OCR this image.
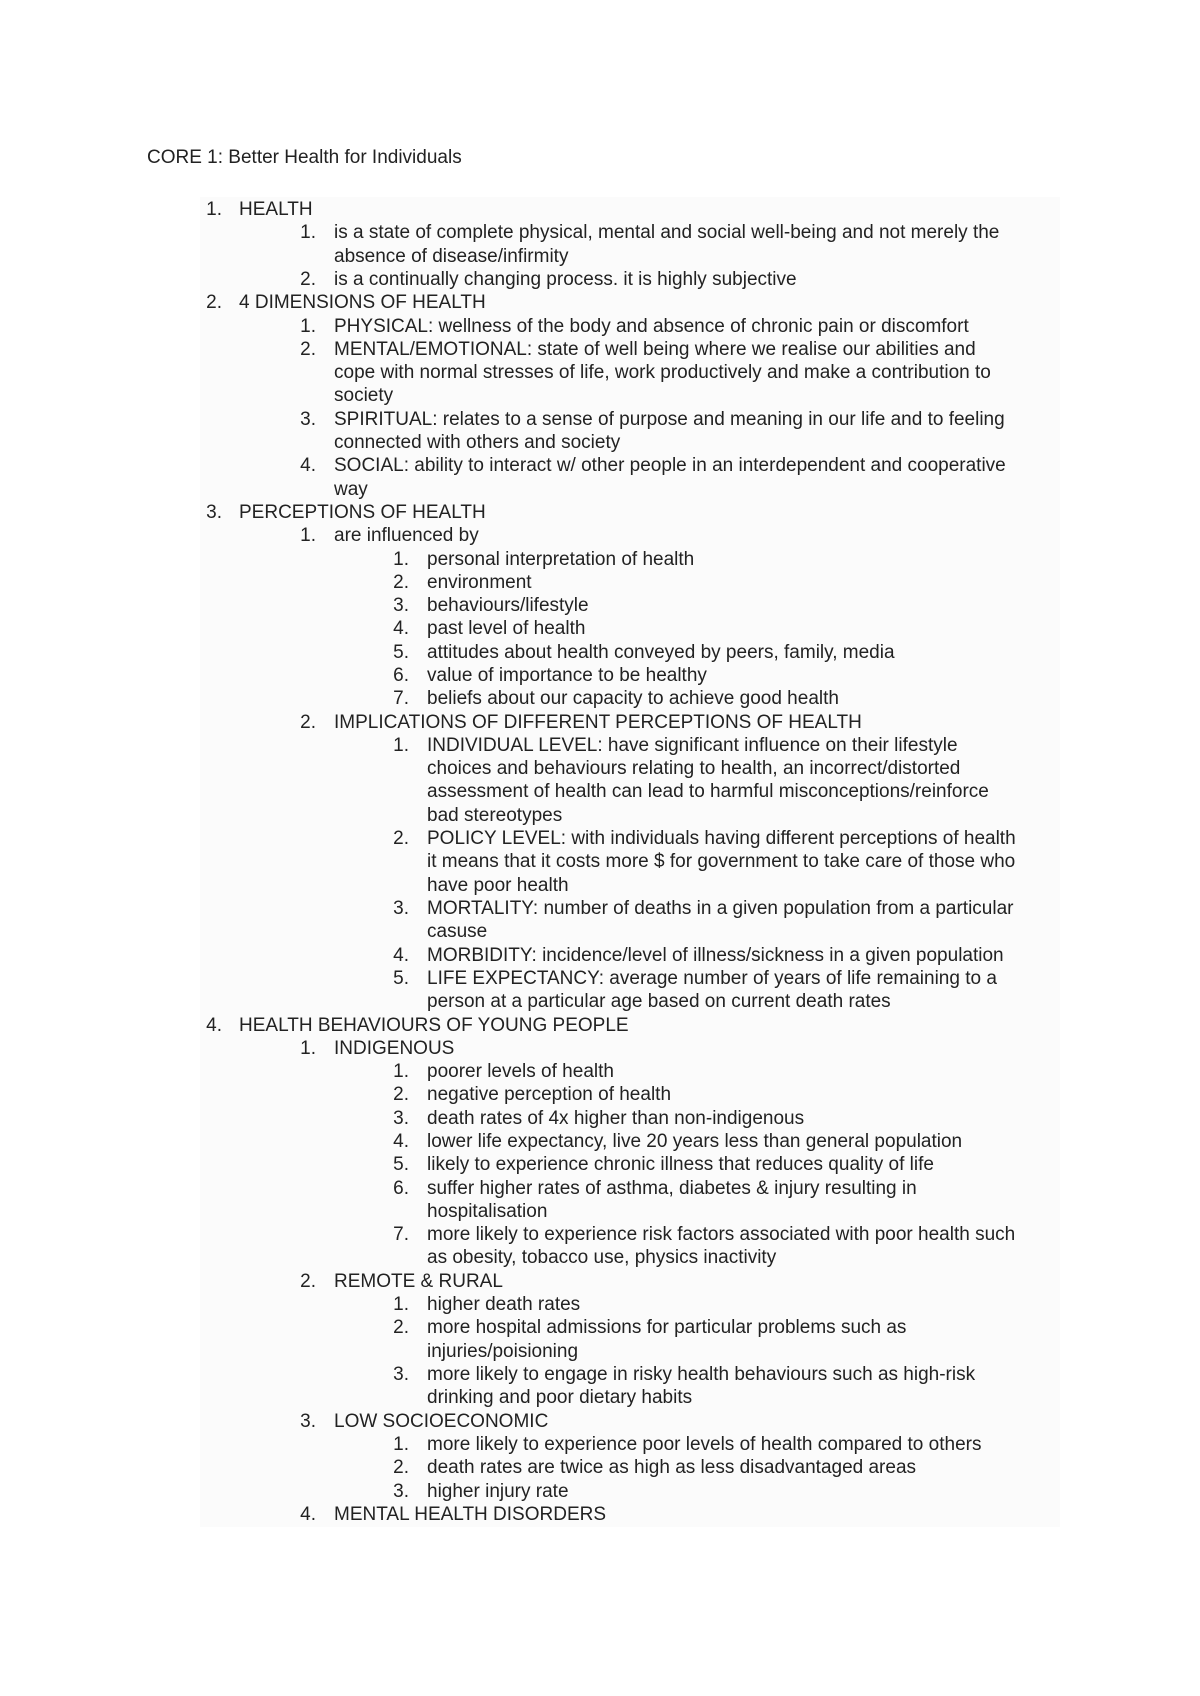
CORE 1: Better Health for Individuals
1. HEALTH
1. is a state of complete physical, mental and social well-being and not merely the
absence of disease/infirmity
2. is a continually changing process. it is highly subjective
2. 4 DIMENSIONS OF HEALTH
1. PHYSICAL: wellness of the body and absence of chronic pain or discomfort
2. MENTAL/EMOTIONAL: state of well being where we realise our abilities and
cope with normal stresses of life, work productively and make a contribution to
society
3. SPIRITUAL: relates to a sense of purpose and meaning in our life and to feeling
connected with others and society
4. SOCIAL: ability to interact w/ other people in an interdependent and cooperative
way
3. PERCEPTIONS OF HEALTH
1. are influenced by
1. personal interpretation of health
2. environment
3. behaviours/lifestyle
4. past level of health
5. attitudes about health conveyed by peers, family, media
6. value of importance to be healthy
7. beliefs about our capacity to achieve good health
2. IMPLICATIONS OF DIFFERENT PERCEPTIONS OF HEALTH
1. INDIVIDUAL LEVEL: have significant influence on their lifestyle
choices and behaviours relating to health, an incorrect/distorted
assessment of health can lead to harmful misconceptions/reinforce
bad stereotypes
2. POLICY LEVEL: with individuals having different perceptions of health
it means that it costs more $ for government to take care of those who
have poor health
3. MORTALITY: number of deaths in a given population from a particular
casuse
4. MORBIDITY: incidence/level of illness/sickness in a given population
5. LIFE EXPECTANCY: average number of years of life remaining to a
person at a particular age based on current death rates
4. HEALTH BEHAVIOURS OF YOUNG PEOPLE
1. INDIGENOUS
1. poorer levels of health
2. negative perception of health
3. death rates of 4x higher than non-indigenous
4. lower life expectancy, live 20 years less than general population
5. likely to experience chronic illness that reduces quality of life
6. suffer higher rates of asthma, diabetes & injury resulting in
hospitalisation
7. more likely to experience risk factors associated with poor health such
as obesity, tobacco use, physics inactivity
2. REMOTE & RURAL
1. higher death rates
2. more hospital admissions for particular problems such as
injuries/poisioning
3. more likely to engage in risky health behaviours such as high-risk
drinking and poor dietary habits
3. LOW SOCIOECONOMIC
1. more likely to experience poor levels of health compared to others
2. death rates are twice as high as less disadvantaged areas
3. higher injury rate
4. MENTAL HEALTH DISORDERS
